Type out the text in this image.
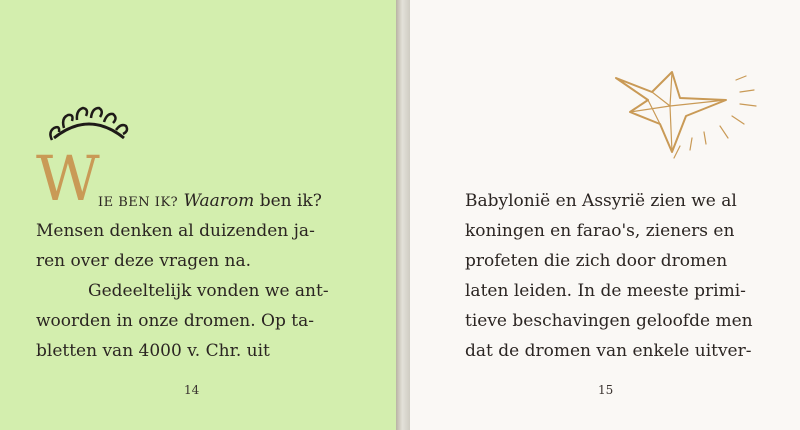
W
IE BEN IK? Waarom ben ik?
Mensen denken al duizenden ja-
ren over deze vragen na.
Gedeeltelijk vonden we ant-
woorden in onze dromen. Op ta-
bletten van 4000 v. Chr. uit
14
Babylonië en Assyrië zien we al
koningen en farao's, zieners en
profeten die zich door dromen
laten leiden. In de meeste primi-
tieve beschavingen geloofde men
dat de dromen van enkele uitver-
15
